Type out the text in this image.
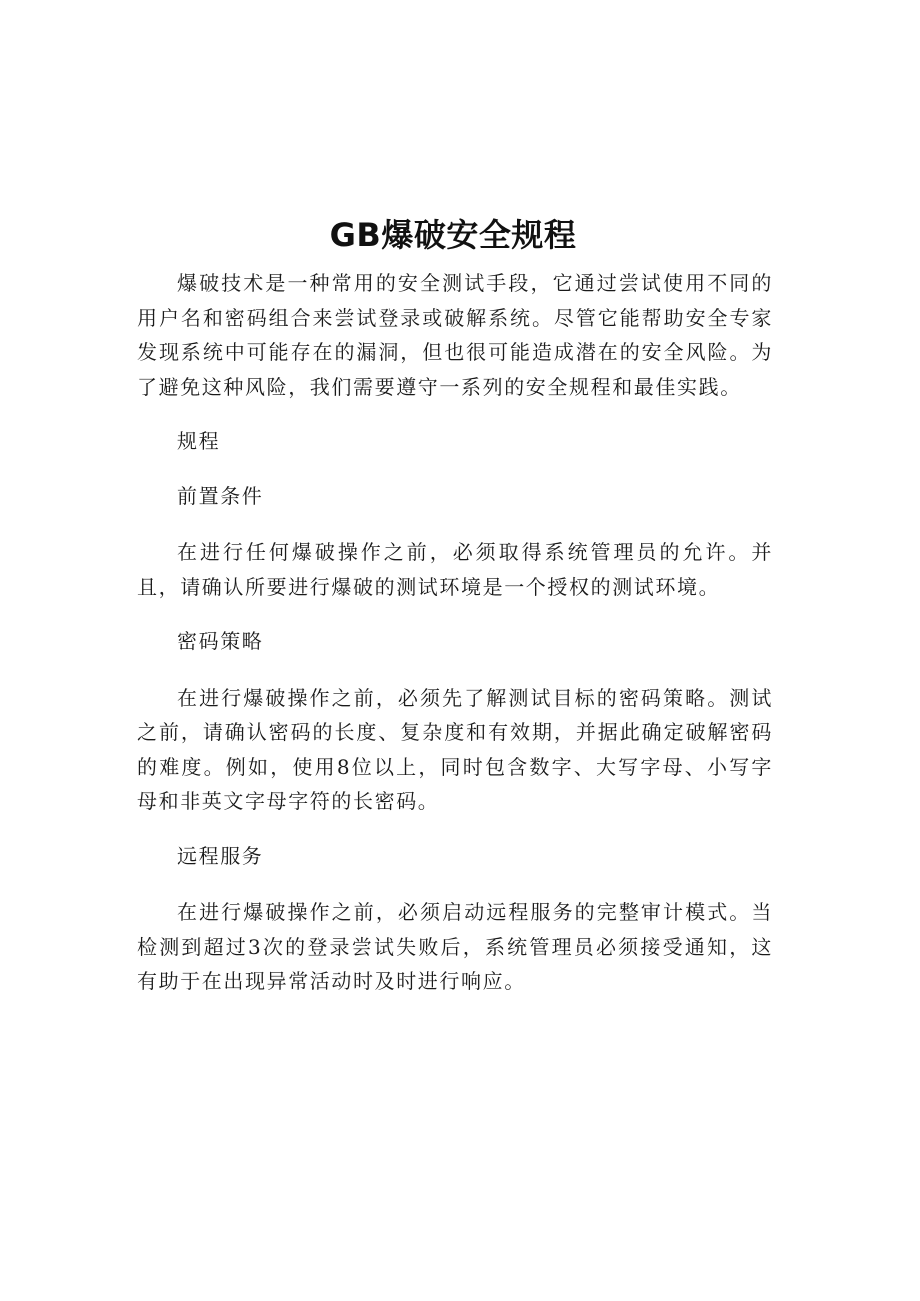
GB爆破安全规程

爆破技术是一种常用的安全测试手段，它通过尝试使用不同的用户名和密码组合来尝试登录或破解系统。尽管它能帮助安全专家发现系统中可能存在的漏洞，但也很可能造成潜在的安全风险。为了避免这种风险，我们需要遵守一系列的安全规程和最佳实践。

规程

前置条件

在进行任何爆破操作之前，必须取得系统管理员的允许。并且，请确认所要进行爆破的测试环境是一个授权的测试环境。

密码策略

在进行爆破操作之前，必须先了解测试目标的密码策略。测试之前，请确认密码的长度、复杂度和有效期，并据此确定破解密码的难度。例如，使用8位以上，同时包含数字、大写字母、小写字母和非英文字母字符的长密码。

远程服务

在进行爆破操作之前，必须启动远程服务的完整审计模式。当检测到超过3次的登录尝试失败后，系统管理员必须接受通知，这有助于在出现异常活动时及时进行响应。
